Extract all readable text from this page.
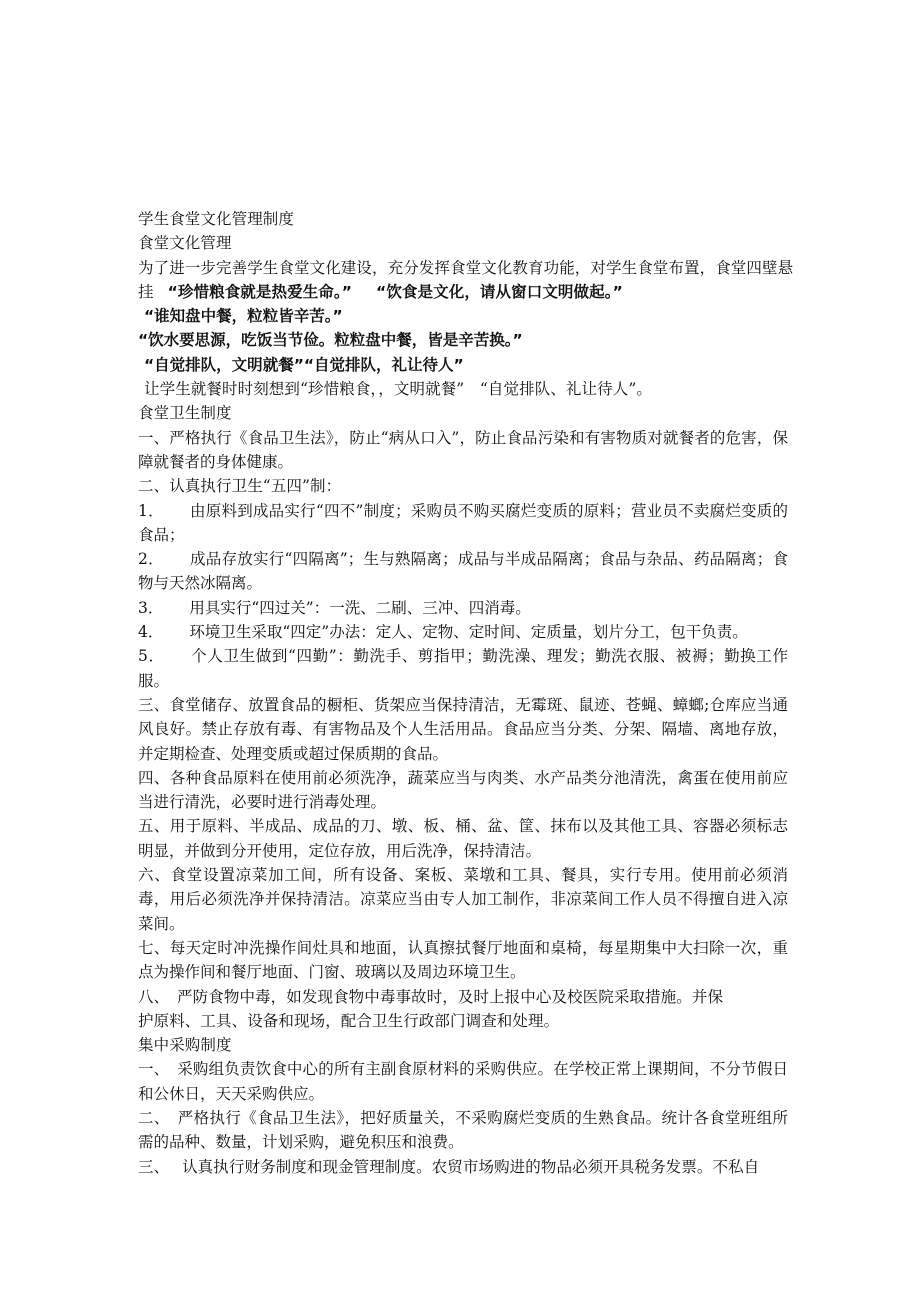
学生食堂文化管理制度
食堂文化管理
为了进一步完善学生食堂文化建设，充分发挥食堂文化教育功能，对学生食堂布置，食堂四壁悬
挂 “珍惜粮食就是热爱生命。” “饮食是文化，请从窗口文明做起。”
“谁知盘中餐，粒粒皆辛苦。”
“饮水要思源，吃饭当节俭。粒粒盘中餐，皆是辛苦换。”
“自觉排队，文明就餐”“自觉排队，礼让待人”
让学生就餐时时刻想到“珍惜粮食，，文明就餐”　“自觉排队、礼让待人”。
食堂卫生制度
一、严格执行《食品卫生法》，防止“病从口入”，防止食品污染和有害物质对就餐者的危害，保障就餐者的身体健康。
二、认真执行卫生“五四”制：
1． 由原料到成品实行“四不”制度；采购员不购买腐烂变质的原料；营业员不卖腐烂变质的食品；
2． 成品存放实行“四隔离”；生与熟隔离；成品与半成品隔离；食品与杂品、药品隔离；食物与天然冰隔离。
3． 用具实行“四过关”：一洗、二刷、三冲、四消毒。
4． 环境卫生采取“四定”办法：定人、定物、定时间、定质量，划片分工，包干负责。
5． 个人卫生做到“四勤”：勤洗手、剪指甲；勤洗澡、理发；勤洗衣服、被褥；勤换工作服。
三、食堂储存、放置食品的橱柜、货架应当保持清洁，无霉斑、鼠迹、苍蝇、蟑螂;仓库应当通风良好。禁止存放有毒、有害物品及个人生活用品。食品应当分类、分架、隔墙、离地存放，并定期检查、处理变质或超过保质期的食品。
四、各种食品原料在使用前必须洗净，蔬菜应当与肉类、水产品类分池清洗，禽蛋在使用前应当进行清洗，必要时进行消毒处理。
五、用于原料、半成品、成品的刀、墩、板、桶、盆、筐、抹布以及其他工具、容器必须标志明显，并做到分开使用，定位存放，用后洗净，保持清洁。
六、食堂设置凉菜加工间，所有设备、案板、菜墩和工具、餐具，实行专用。使用前必须消毒，用后必须洗净并保持清洁。凉菜应当由专人加工制作，非凉菜间工作人员不得擅自进入凉菜间。
七、每天定时冲洗操作间灶具和地面，认真擦拭餐厅地面和桌椅，每星期集中大扫除一次，重点为操作间和餐厅地面、门窗、玻璃以及周边环境卫生。
八、　严防食物中毒，如发现食物中毒事故时，及时上报中心及校医院采取措施。并保
护原料、工具、设备和现场，配合卫生行政部门调查和处理。
集中采购制度
一、　采购组负责饮食中心的所有主副食原材料的采购供应。在学校正常上课期间，不分节假日和公休日，天天采购供应。
二、　严格执行《食品卫生法》，把好质量关，不采购腐烂变质的生熟食品。统计各食堂班组所需的品种、数量，计划采购，避免积压和浪费。
三、　 认真执行财务制度和现金管理制度。农贸市场购进的物品必须开具税务发票。不私自
